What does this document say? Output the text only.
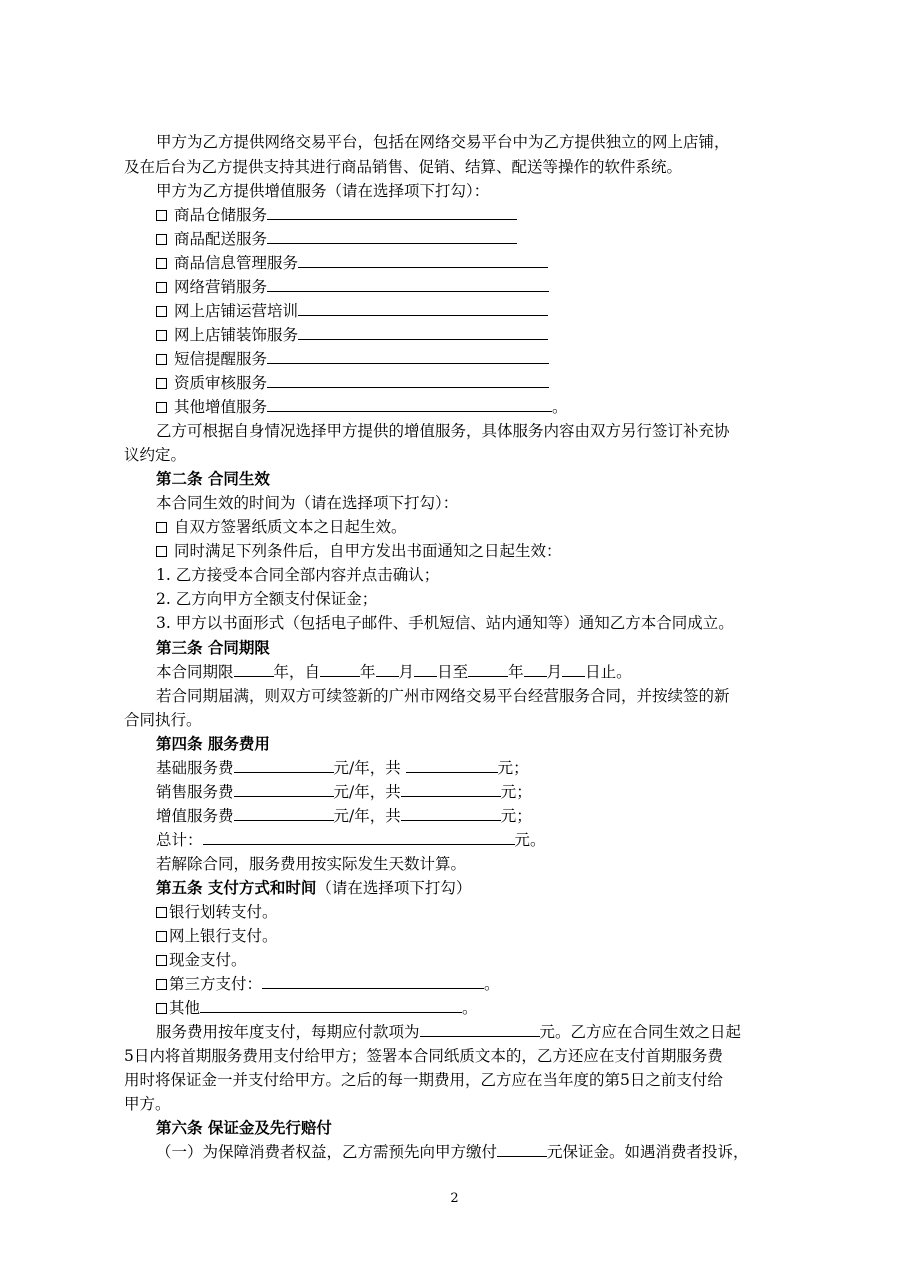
甲方为乙方提供网络交易平台，包括在网络交易平台中为乙方提供独立的网上店铺，
及在后台为乙方提供支持其进行商品销售、促销、结算、配送等操作的软件系统。
甲方为乙方提供增值服务（请在选择项下打勾）：
商品仓储服务
商品配送服务
商品信息管理服务
网络营销服务
网上店铺运营培训
网上店铺装饰服务
短信提醒服务
资质审核服务
其他增值服务	。
乙方可根据自身情况选择甲方提供的增值服务，具体服务内容由双方另行签订补充协
议约定。
第二条 合同生效
本合同生效的时间为（请在选择项下打勾）：
自双方签署纸质文本之日起生效。
同时满足下列条件后，自甲方发出书面通知之日起生效：
1. 乙方接受本合同全部内容并点击确认；
2. 乙方向甲方全额支付保证金；
3. 甲方以书面形式（包括电子邮件、手机短信、站内通知等）通知乙方本合同成立。
第三条 合同期限
本合同期限	年，自	年 月 日至	年 月 日止。
若合同期届满，则双方可续签新的广州市网络交易平台经营服务合同，并按续签的新
合同执行。
第四条 服务费用
基础服务费	元/年，共	元；
销售服务费	元/年，共	元；
增值服务费	元/年，共	元；
总计：	元。
若解除合同，服务费用按实际发生天数计算。
第五条 支付方式和时间（请在选择项下打勾）
银行划转支付。
网上银行支付。
现金支付。
第三方支付：	。
其他	。
服务费用按年度支付，每期应付款项为	元。乙方应在合同生效之日起
5日内将首期服务费用支付给甲方；签署本合同纸质文本的，乙方还应在支付首期服务费
用时将保证金一并支付给甲方。之后的每一期费用，乙方应在当年度的第5日之前支付给
甲方。
第六条 保证金及先行赔付
（一）为保障消费者权益，乙方需预先向甲方缴付	元保证金。如遇消费者投诉，
2
